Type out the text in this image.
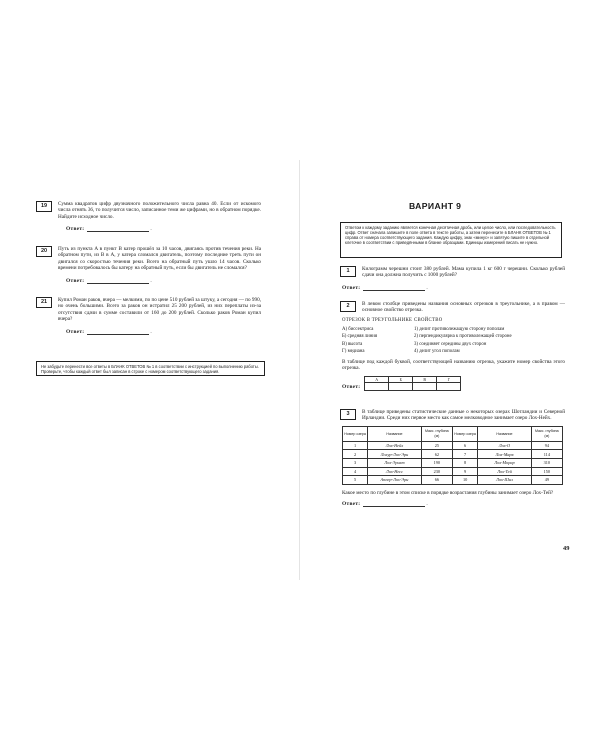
19	Сумма квадратов цифр двузначного положительного числа равна 40. Если от искомого числа отнять 36, то получится число, записанное теми же цифрами, но в обратном порядке. Найдите исходное число.
Ответ:	.
20	Путь из пункта A в пункт B катер прошёл за 10 часов, двигаясь против течения реки. На обратном пути, из B в A, у катера сломался двигатель, поэтому последние треть пути он двигался со скоростью течения реки. Всего на обратный путь ушло 14 часов. Сколько времени потребовалось бы катеру на обратный путь, если бы двигатель не сломался?
Ответ:	.
21	Купил Роман раков, вчера — мелкими, по по цене 510 рублей за штуку, а сегодня — по 990, но очень большими. Всего за раков он истратил 25 200 рублей, из них переплаты из-за отсутствия сдачи в сумме составили от 160 до 200 рублей. Сколько раков Роман купил вчера?
Ответ:	.
Не забудьте перенести все ответы в БЛАНК ОТВЕТОВ № 1 в соответствии с инструкцией по выполнению работы. Проверьте, чтобы каждый ответ был записан в строке с номером соответствующего задания.
ВАРИАНТ 9
Ответом к каждому заданию является конечная десятичная дробь, или целое число, или последовательность цифр. Ответ сначала запишите в поле ответа в тексте работы, а затем перенесите в БЛАНК ОТВЕТОВ № 1 справа от номера соответствующего задания. Каждую цифру, знак «минус» и запятую пишите в отдельной клеточке в соответствии с приведёнными в бланке образцами. Единицы измерений писать не нужно.
1	Килограмм черешни стоит 380 рублей. Мама купила 1 кг 600 г черешни. Сколько рублей сдачи она должна получить с 1000 рублей?
Ответ:	.
2	В левом столбце приведены названия основных отрезков в треугольнике, а в правом — основное свойство отрезка.
ОТРЕЗОК В ТРЕУГОЛЬНИКЕ СВОЙСТВО
А) биссектриса
Б) средняя линия
В) высота
Г) медиана
1) делит противолежащую сторону пополам
2) перпендикулярна к противолежащей стороне
3) соединяет середины двух сторон
4) делит угол пополам
В таблице под каждой буквой, соответствующей названию отрезка, укажите номер свойства этого отрезка.
Ответ:
А	Б	В	Г

3	В таблице приведены статистические данные о некоторых озерах Шотландии и Северной Ирландии. Среди них первое место как самое мелководное занимает озеро Лох-Нейх.
Номер озера	Название	Макс. глубина (м)	Номер озера	Название	Макс. глубина (м)
1	Лох-Нейх	25	6	Лох-О	94
2	Лохур-Лох-Эрн	62	7	Лох-Марв	114
3	Лох-Эрихт	190	8	Лох-Морар	310
4	Лох-Несс	230	9	Лох-Тей	150
5	Аппер-Лох-Эрн	66	10	Лох-Шил	49
Какое место по глубине в этом списке в порядке возрастания глубины занимает озеро Лох-Тей?
Ответ:	.
49
